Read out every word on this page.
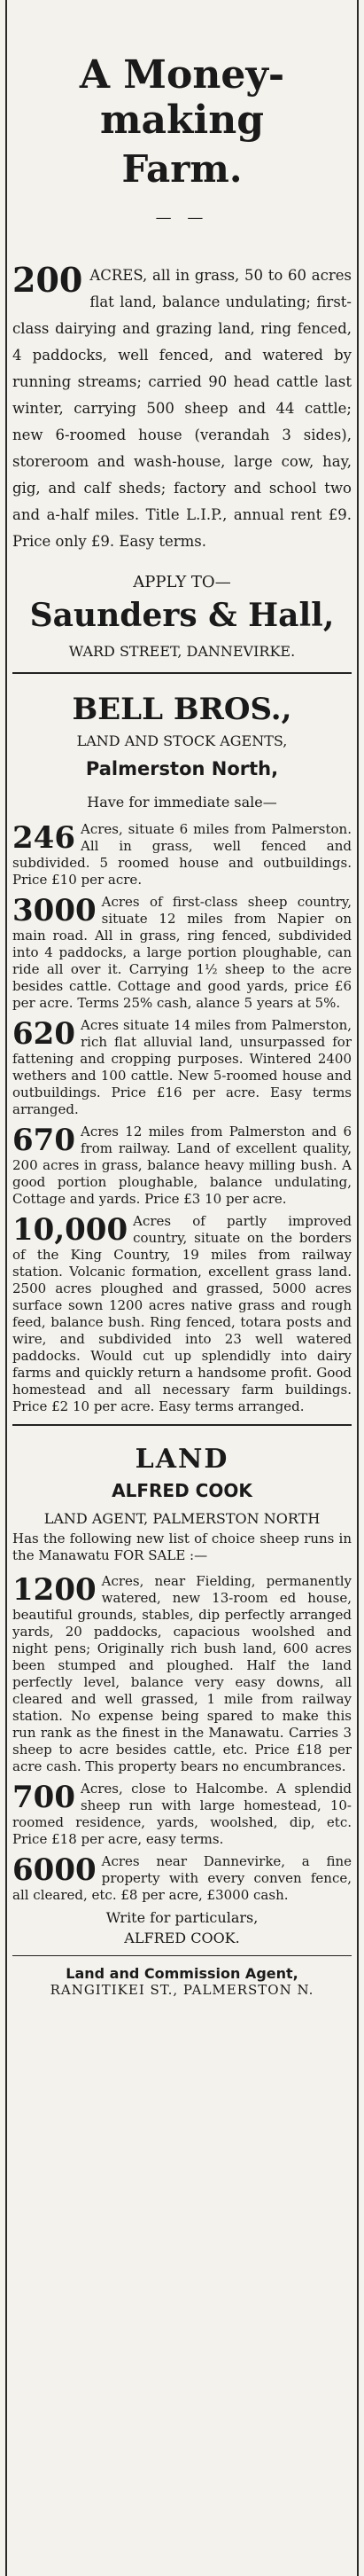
A Money-making
Farm.
— —
200 ACRES, all in grass, 50 to 60 acres flat land, balance undulating; first-class dairying and grazing land, ring fenced, 4 paddocks, well fenced, and watered by running streams; carried 90 head cattle last winter, carrying 500 sheep and 44 cattle; new 6-roomed house (verandah 3 sides), storeroom and wash-house, large cow, hay, gig, and calf sheds; factory and school two and a-half miles. Title L.I.P., annual rent £9. Price only £9. Easy terms.
APPLY TO—
Saunders & Hall,
WARD STREET, DANNEVIRKE.
BELL BROS.,
LAND AND STOCK AGENTS,
Palmerston North,
Have for immediate sale—
246 Acres, situate 6 miles from Palmerston. All in grass, well fenced and subdivided. 5 roomed house and outbuildings. Price £10 per acre.
3000 Acres of first-class sheep country, situate 12 miles from Napier on main road. All in grass, ring fenced, subdivided into 4 paddocks, a large portion ploughable, can ride all over it. Carrying 1½ sheep to the acre besides cattle. Cottage and good yards, price £6 per acre. Terms 25% cash, alance 5 years at 5%.
620 Acres situate 14 miles from Palmerston, rich flat alluvial land, unsurpassed for fattening and cropping purposes. Wintered 2400 wethers and 100 cattle. New 5-roomed house and outbuildings. Price £16 per acre. Easy terms arranged.
670 Acres 12 miles from Palmerston and 6 from railway. Land of excellent quality, 200 acres in grass, balance heavy milling bush. A good portion ploughable, balance undulating, Cottage and yards. Price £3 10 per acre.
10,000 Acres of partly improved country, situate on the borders of the King Country, 19 miles from railway station. Volcanic formation, excellent grass land. 2500 acres ploughed and grassed, 5000 acres surface sown 1200 acres native grass and rough feed, balance bush. Ring fenced, totara posts and wire, and subdivided into 23 well watered paddocks. Would cut up splendidly into dairy farms and quickly return a handsome profit. Good homestead and all necessary farm buildings. Price £2 10 per acre. Easy terms arranged.
LAND
ALFRED COOK
LAND AGENT, PALMERSTON NORTH
Has the following new list of choice sheep runs in the Manawatu FOR SALE :—
1200 Acres, near Fielding, permanently watered, new 13-room ed house, beautiful grounds, stables, dip perfectly arranged yards, 20 paddocks, capacious woolshed and night pens; Originally rich bush land, 600 acres been stumped and ploughed. Half the land perfectly level, balance very easy downs, all cleared and well grassed, 1 mile from railway station. No expense being spared to make this run rank as the finest in the Manawatu. Carries 3 sheep to acre besides cattle, etc. Price £18 per acre cash. This property bears no encumbrances.
700 Acres, close to Halcombe. A splendid sheep run with large homestead, 10-roomed residence, yards, woolshed, dip, etc. Price £18 per acre, easy terms.
6000 Acres near Dannevirke, a fine property with every conven fence, all cleared, etc. £8 per acre, £3000 cash.
Write for particulars,
ALFRED COOK.
Land and Commission Agent,
RANGITIKEI ST., PALMERSTON N.
